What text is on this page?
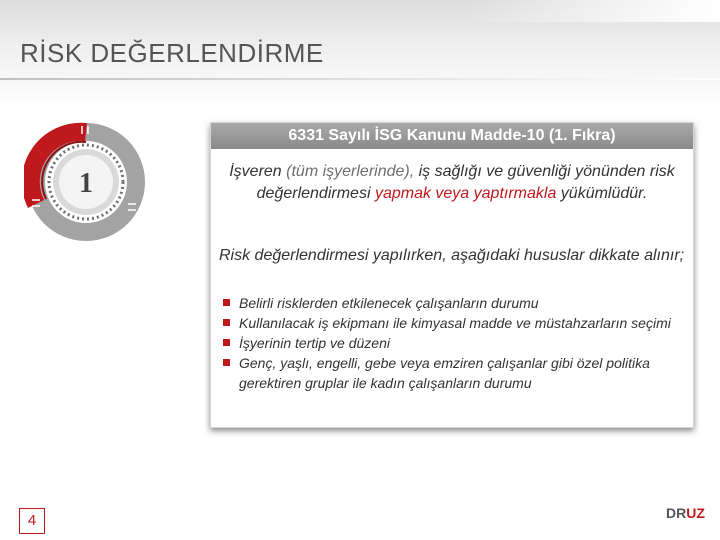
RİSK DEĞERLENDİRME
1
6331 Sayılı İSG Kanunu Madde-10 (1. Fıkra)
İşveren (tüm işyerlerinde), iş sağlığı ve güvenliği yönünden risk değerlendirmesi yapmak veya yaptırmakla yükümlüdür.
Risk değerlendirmesi yapılırken, aşağıdaki hususlar dikkate alınır;
Belirli risklerden etkilenecek çalışanların durumu
Kullanılacak iş ekipmanı ile kimyasal madde ve müstahzarların seçimi
İşyerinin tertip ve düzeni
Genç, yaşlı, engelli, gebe veya emziren çalışanlar gibi özel politika gerektiren gruplar ile kadın çalışanların durumu
4	DRUZ
